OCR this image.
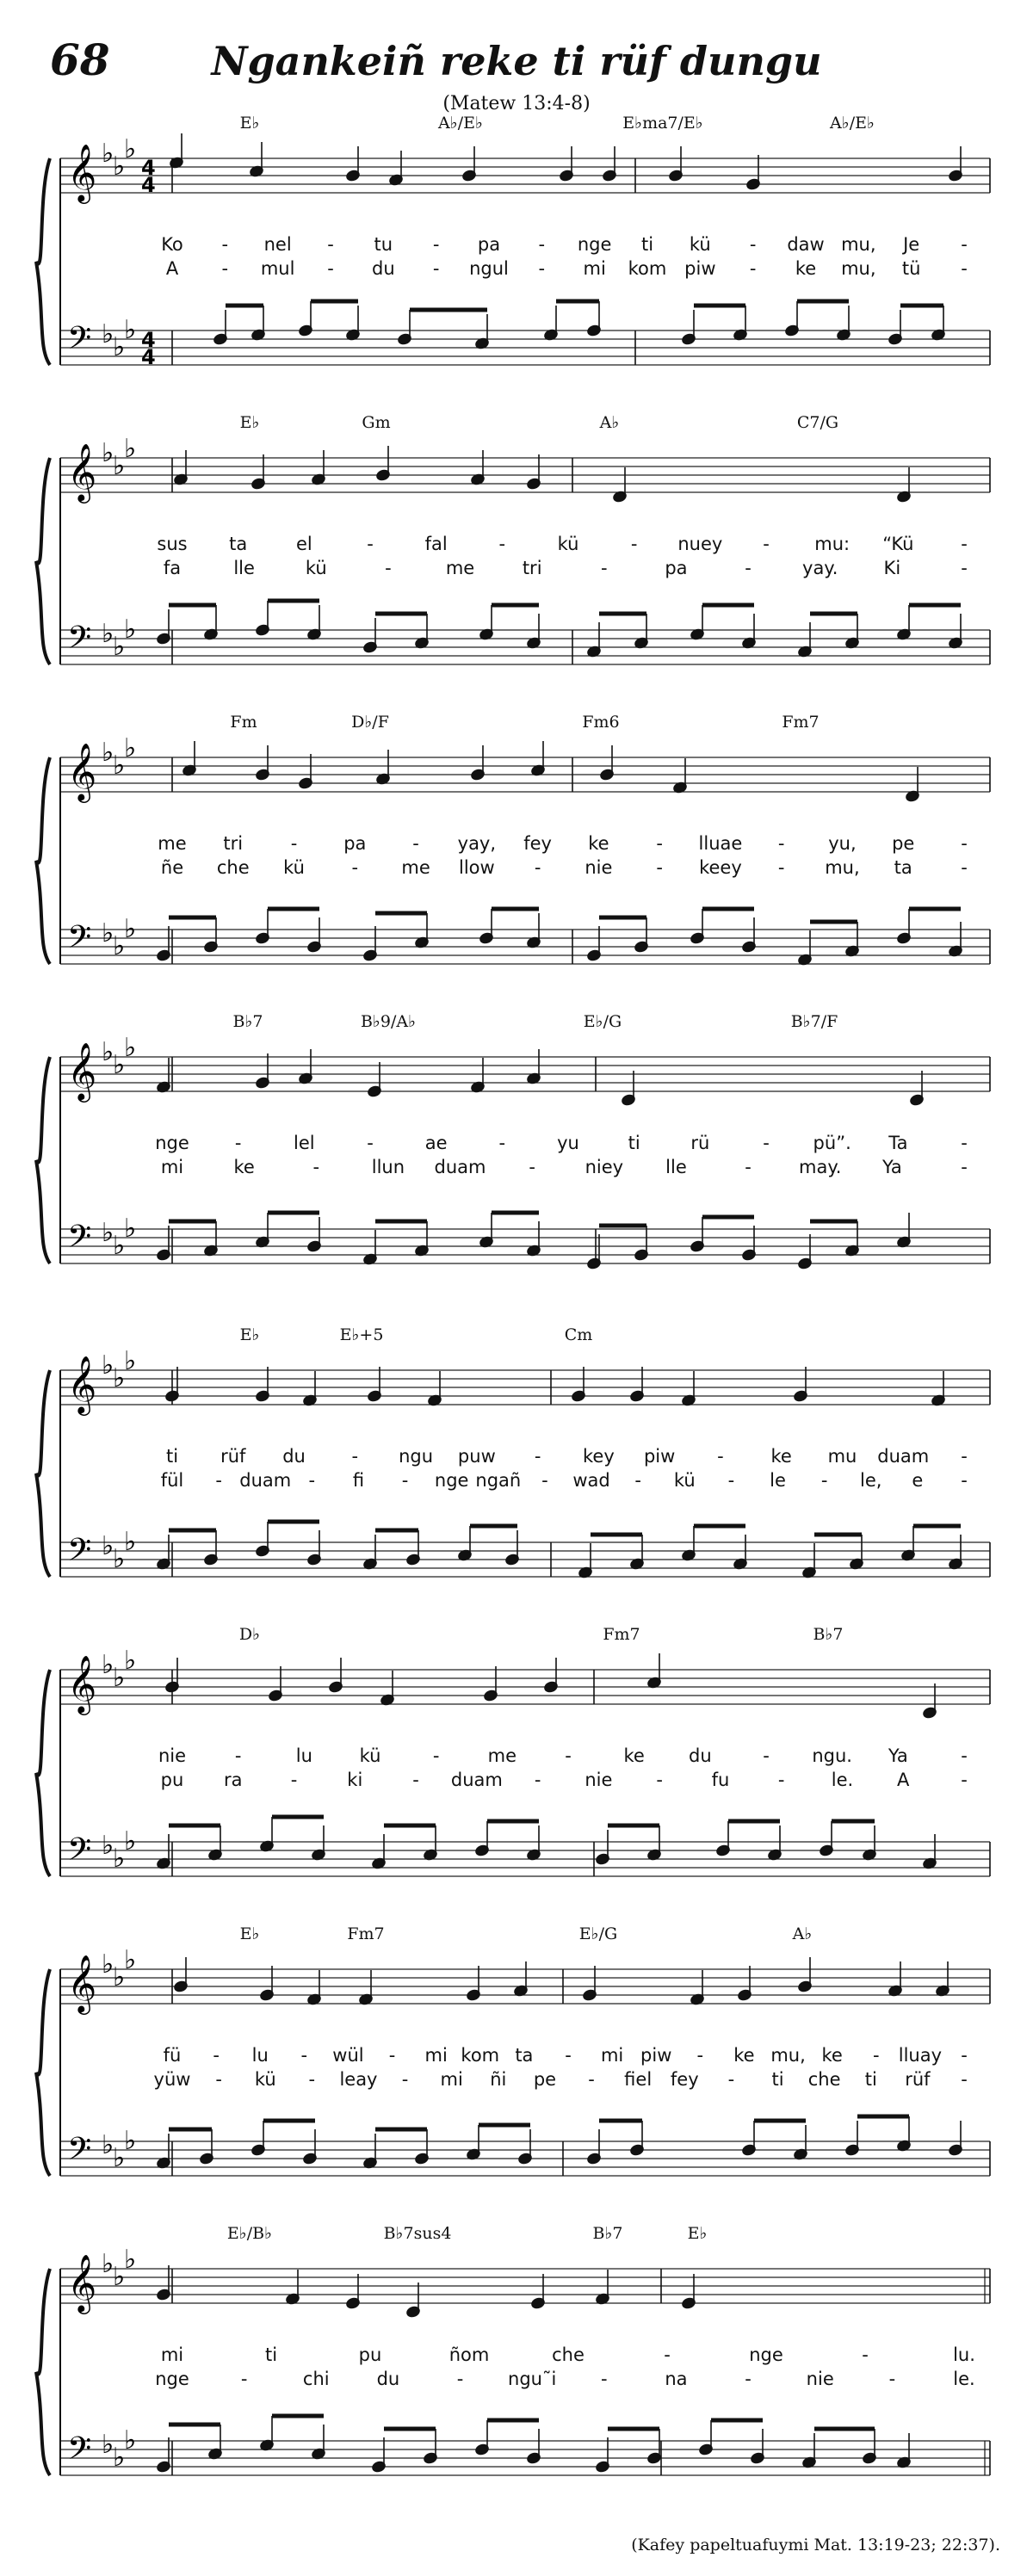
68	Ngankeiñ reke ti rüf dungu
(Matew 13:4-8)
𝄞
𝄢
♭
♭
♭
♭
♭
♭
4
4
4
4
E♭	A♭/E♭	E♭ma7/E♭	A♭/E♭
Ko - nel - tu - pa - nge ti kü - daw mu, Je -
A - mul - du - ngul - mi kom piw - ke mu, tü -
𝄞
𝄢
♭
♭
♭
♭
♭
♭
E♭	Gm	A♭	C7/G
sus ta	el	-	fal	-	kü	- nuey - mu: “Kü	-
fa	lle	kü	-	me	tri	-	pa	-	yay.	Ki	-
𝄞
𝄢
♭
♭
♭
♭
♭
♭
Fm	D♭/F	Fm6	Fm7
me tri	-	pa	- yay, fey ke	- lluae - yu, pe	-
ñe che kü	- me llow - nie - keey - mu, ta	-
𝄞
𝄢
♭
♭
♭
♭
♭
♭
B♭7	B♭9/A♭	E♭/G	B♭7/F
nge	-	lel	-	ae	-	yu	ti	rü	- pü”. Ta	-
mi	ke	-	llun duam -	niey lle	-	may. Ya	-
𝄞
𝄢
♭
♭
♭
♭
♭
♭
E♭	E♭+5	Cm
ti rüf du	- ngu puw - key piw -	ke mu duam -
fül - duam - fi - nge ngañ - wad - kü - le - le, e -
𝄞
𝄢
♭
♭
♭
♭
♭
♭
D♭	Fm7	B♭7
nie	-	lu	kü	-	me	-	ke du	- ngu. Ya	-
pu ra	-	ki	- duam - nie -	fu	-	le. A	-
𝄞
𝄢
♭
♭
♭
♭
♭
♭
E♭	Fm7	E♭/G	A♭
fü - lu - wül - mi kom ta - mi piw - ke mu, ke - lluay -
yüw - kü - leay - mi ñi pe - fiel fey - ti che ti rüf -
𝄞
𝄢
♭
♭
♭
♭
♭
♭
E♭/B♭	B♭7sus4	B♭7	E♭
mi	ti	pu	ñom	che	-	nge	-	lu.
nge	-	chi	du	- ngu˜i -	na	-	nie	-	le.
(Kafey papeltuafuymi Mat. 13:19-23; 22:37).
